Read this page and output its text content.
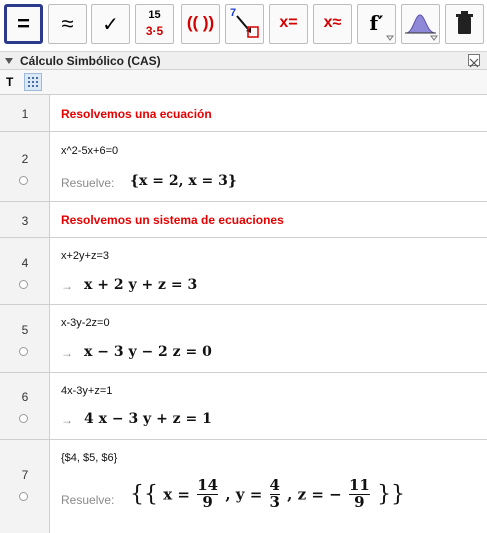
=	≈	✓	15
3·5	(( ))	7
x=	x≈	f′
Cálculo Simbólico (CAS)
T
1	Resolvemos una ecuación
2
x^2-5x+6=0
Resuelve: {x = 2, x = 3}
3	Resolvemos un sistema de ecuaciones
4	x+2y+z=3
→ x + 2 y + z = 3
5	x-3y-2z=0
→ x − 3 y − 2 z = 0
6	4x-3y+z=1
→ 4 x − 3 y + z = 1
7
{$4, $5, $6}
Resuelve: {{ $x = \frac{14}{9}$ , $y = \frac{4}{3}$ , z = − $\frac{11}{9}$ }}
